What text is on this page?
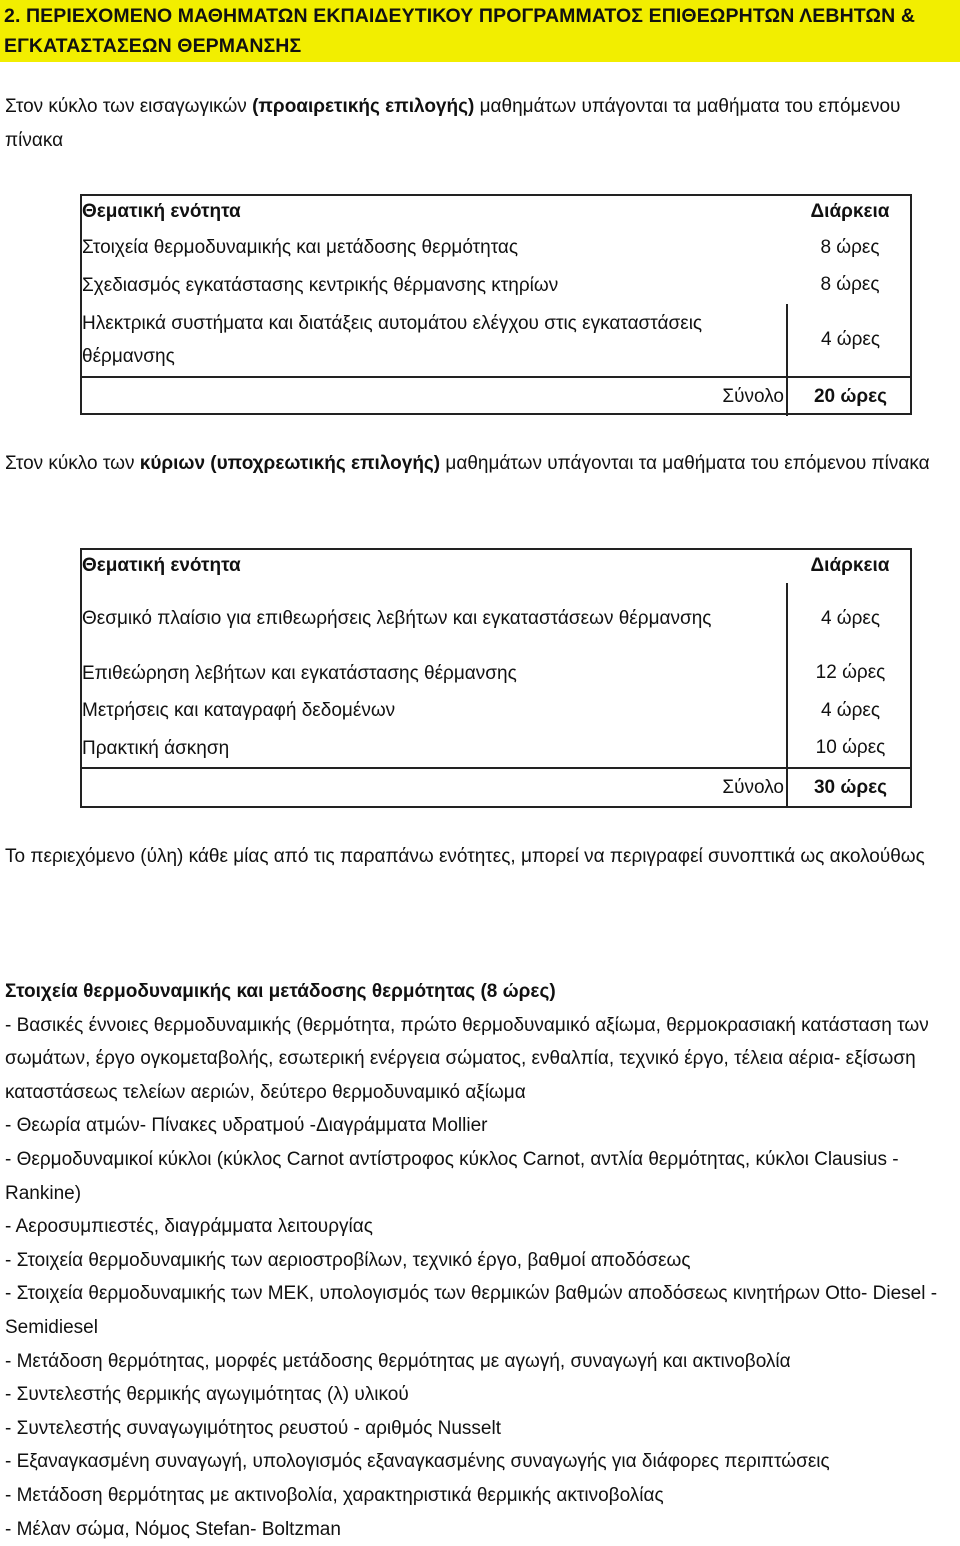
2. ΠΕΡΙΕΧΟΜΕΝΟ ΜΑΘΗΜΑΤΩΝ ΕΚΠΑΙΔΕΥΤΙΚΟΥ ΠΡΟΓΡΑΜΜΑΤΟΣ ΕΠΙΘΕΩΡΗΤΩΝ ΛΕΒΗΤΩΝ & ΕΓΚΑΤΑΣΤΑΣΕΩΝ ΘΕΡΜΑΝΣΗΣ
Στον κύκλο των εισαγωγικών (προαιρετικής επιλογής) μαθημάτων υπάγονται τα μαθήματα του επόμενου πίνακα
Θεματική ενότητα		Διάρκεια
Στοιχεία θερμοδυναμικής και μετάδοσης θερμότητας		8 ώρες
Σχεδιασμός εγκατάστασης κεντρικής θέρμανσης κτηρίων		8 ώρες
Ηλεκτρικά συστήματα και διατάξεις αυτομάτου ελέγχου στις εγκαταστάσεις θέρμανσης		4 ώρες
	Σύνολο	20 ώρες
Στον κύκλο των κύριων (υποχρεωτικής επιλογής) μαθημάτων υπάγονται τα μαθήματα του επόμενου πίνακα
Θεματική ενότητα		Διάρκεια
Θεσμικό πλαίσιο για επιθεωρήσεις λεβήτων και εγκαταστάσεων θέρμανσης		4 ώρες
Επιθεώρηση λεβήτων και εγκατάστασης θέρμανσης		12 ώρες
Μετρήσεις και καταγραφή δεδομένων		4 ώρες
Πρακτική άσκηση		10 ώρες
	Σύνολο	30 ώρες
Το περιεχόμενο (ύλη) κάθε μίας από τις παραπάνω ενότητες, μπορεί να περιγραφεί συνοπτικά ως ακολούθως
Στοιχεία θερμοδυναμικής και μετάδοσης θερμότητας (8 ώρες)
- Βασικές έννοιες θερμοδυναμικής (θερμότητα, πρώτο θερμοδυναμικό αξίωμα, θερμοκρασιακή κατάσταση των σωμάτων, έργο ογκομεταβολής, εσωτερική ενέργεια σώματος, ενθαλπία, τεχνικό έργο, τέλεια αέρια- εξίσωση καταστάσεως τελείων αεριών, δεύτερο θερμοδυναμικό αξίωμα
- Θεωρία ατμών- Πίνακες υδρατμού -Διαγράμματα Mollier
- Θερμοδυναμικοί κύκλοι (κύκλος Carnot αντίστροφος κύκλος Carnot, αντλία θερμότητας, κύκλοι Clausius - Rankine)
- Αεροσυμπιεστές, διαγράμματα λειτουργίας
- Στοιχεία θερμοδυναμικής των αεριοστροβίλων, τεχνικό έργο, βαθμοί αποδόσεως
- Στοιχεία θερμοδυναμικής των ΜΕΚ, υπολογισμός των θερμικών βαθμών αποδόσεως κινητήρων Otto- Diesel - Semidiesel
- Μετάδοση θερμότητας, μορφές μετάδοσης θερμότητας με αγωγή, συναγωγή και ακτινοβολία
- Συντελεστής θερμικής αγωγιμότητας (λ) υλικού
- Συντελεστής συναγωγιμότητος ρευστού - αριθμός Nusselt
- Εξαναγκασμένη συναγωγή, υπολογισμός εξαναγκασμένης συναγωγής για διάφορες περιπτώσεις
- Μετάδοση θερμότητας με ακτινοβολία, χαρακτηριστικά θερμικής ακτινοβολίας
- Μέλαν σώμα, Νόμος Stefan- Boltzman
